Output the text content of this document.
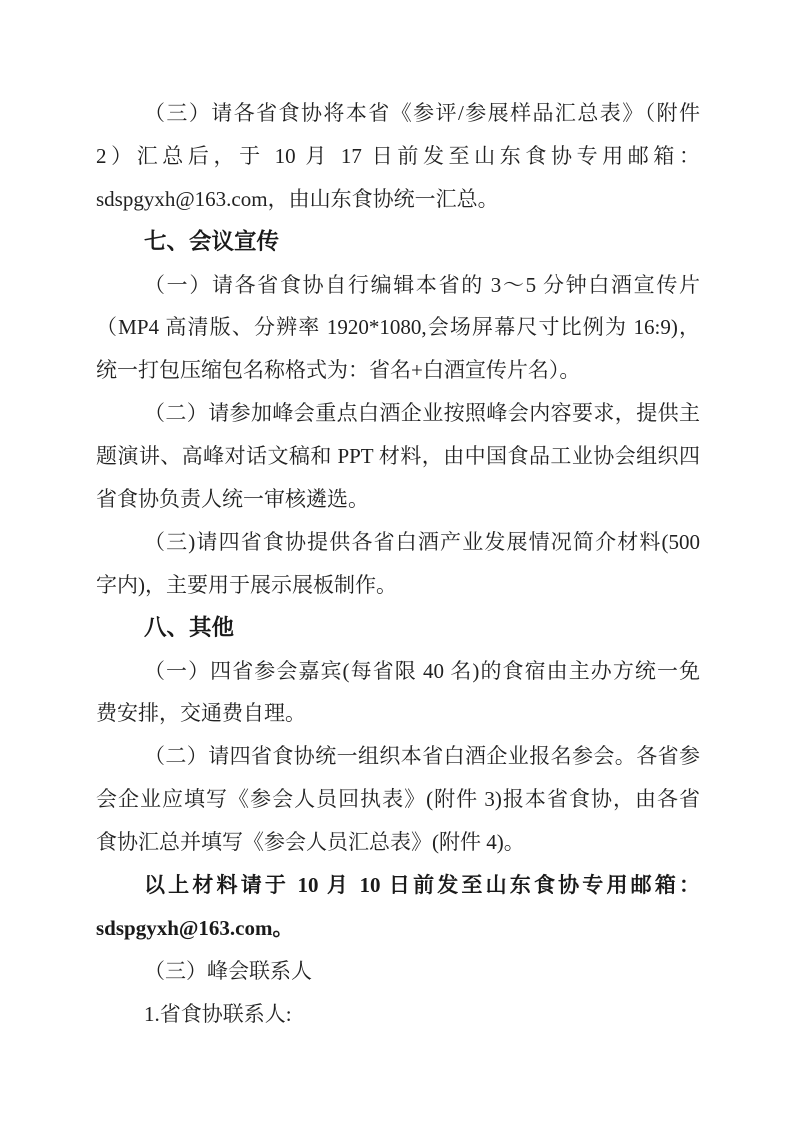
（三）请各省食协将本省《参评/参展样品汇总表》（附件
2）汇总后，于 10 月 17 日前发至山东食协专用邮箱：
sdspgyxh@163.com，由山东食协统一汇总。
七、会议宣传
（一）请各省食协自行编辑本省的 3～5 分钟白酒宣传片
（MP4 高清版、分辨率 1920*1080,会场屏幕尺寸比例为 16:9)，
统一打包压缩包名称格式为：省名+白酒宣传片名）。
（二）请参加峰会重点白酒企业按照峰会内容要求，提供主
题演讲、高峰对话文稿和 PPT 材料，由中国食品工业协会组织四
省食协负责人统一审核遴选。
（三)请四省食协提供各省白酒产业发展情况简介材料(500
字内)，主要用于展示展板制作。
八、其他
（一）四省参会嘉宾(每省限 40 名)的食宿由主办方统一免
费安排，交通费自理。
（二）请四省食协统一组织本省白酒企业报名参会。各省参
会企业应填写《参会人员回执表》(附件 3)报本省食协，由各省
食协汇总并填写《参会人员汇总表》(附件 4)。
以上材料请于 10 月 10 日前发至山东食协专用邮箱：
sdspgyxh@163.com。
（三）峰会联系人
1.省食协联系人:
